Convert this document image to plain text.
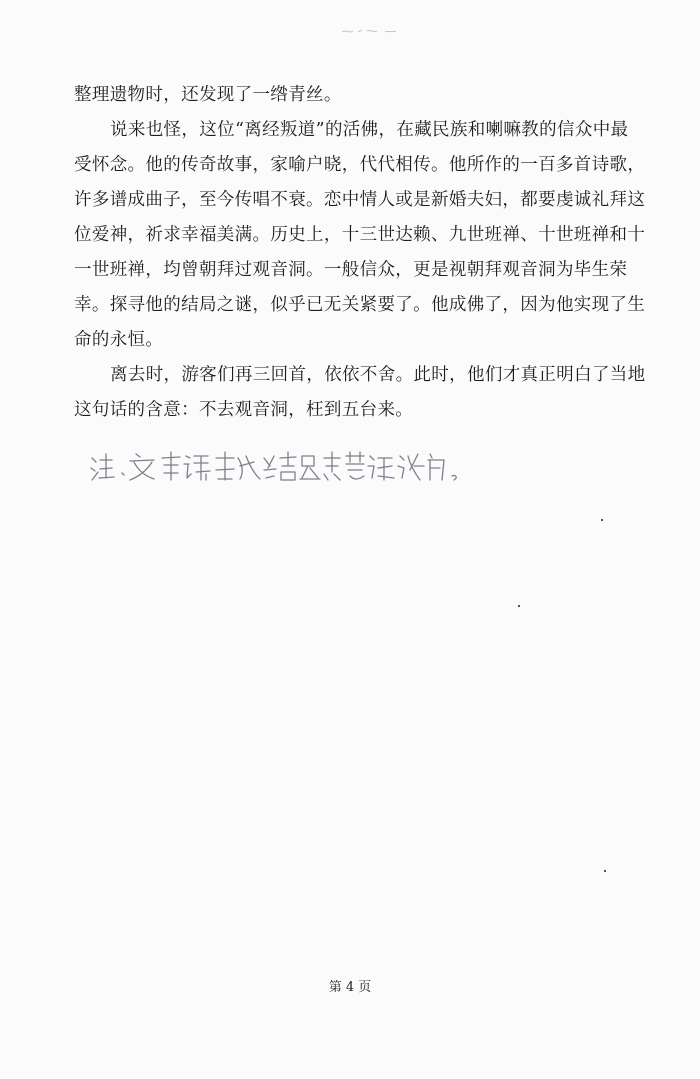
整理遗物时，还发现了一绺青丝。
说来也怪，这位“离经叛道”的活佛，在藏民族和喇嘛教的信众中最
受怀念。他的传奇故事，家喻户晓，代代相传。他所作的一百多首诗歌，
许多谱成曲子，至今传唱不衰。恋中情人或是新婚夫妇，都要虔诚礼拜这
位爱神，祈求幸福美满。历史上，十三世达赖、九世班禅、十世班禅和十
一世班禅，均曾朝拜过观音洞。一般信众，更是视朝拜观音洞为毕生荣
幸。探寻他的结局之谜，似乎已无关紧要了。他成佛了，因为他实现了生
命的永恒。
离去时，游客们再三回首，依依不舍。此时，他们才真正明白了当地
这句话的含意：不去观音洞，枉到五台来。
第 4 页
